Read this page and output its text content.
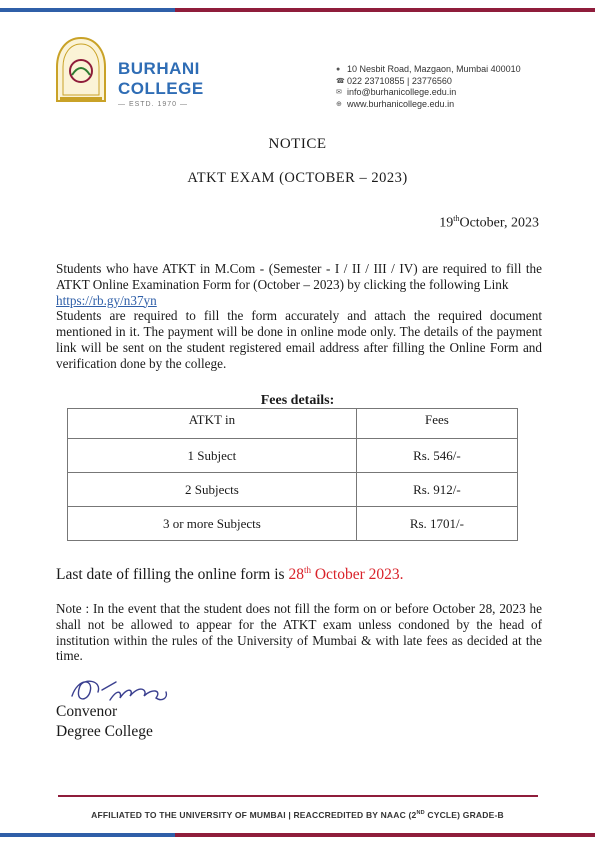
BURHANI
COLLEGE
— ESTD. 1970 —
● 10 Nesbit Road, Mazgaon, Mumbai 400010
☎ 022 23710855 | 23776560
✉ info@burhanicollege.edu.in
⊕ www.burhanicollege.edu.in
NOTICE
ATKT EXAM (OCTOBER – 2023)
19thOctober, 2023

Students who have ATKT in M.Com - (Semester - I / II / III / IV) are required to fill the ATKT Online Examination Form for (October – 2023) by clicking the following Link

https://rb.gy/n37yn

Students are required to fill the form accurately and attach the required document mentioned in it. The payment will be done in online mode only. The details of the payment link will be sent on the student registered email address after filling the Online Form and verification done by the college.

Fees details:
ATKT in	Fees
1 Subject	Rs. 546/-
2 Subjects	Rs. 912/-
3 or more Subjects	Rs. 1701/-
Last date of filling the online form is 28th October 2023.

Note : In the event that the student does not fill the form on or before October 28, 2023 he shall not be allowed to appear for the ATKT exam unless condoned by the head of institution within the rules of the University of Mumbai & with late fees as decided at the time.

Convenor
Degree College
AFFILIATED TO THE UNIVERSITY OF MUMBAI | REACCREDITED BY NAAC (2ND CYCLE) GRADE-B
